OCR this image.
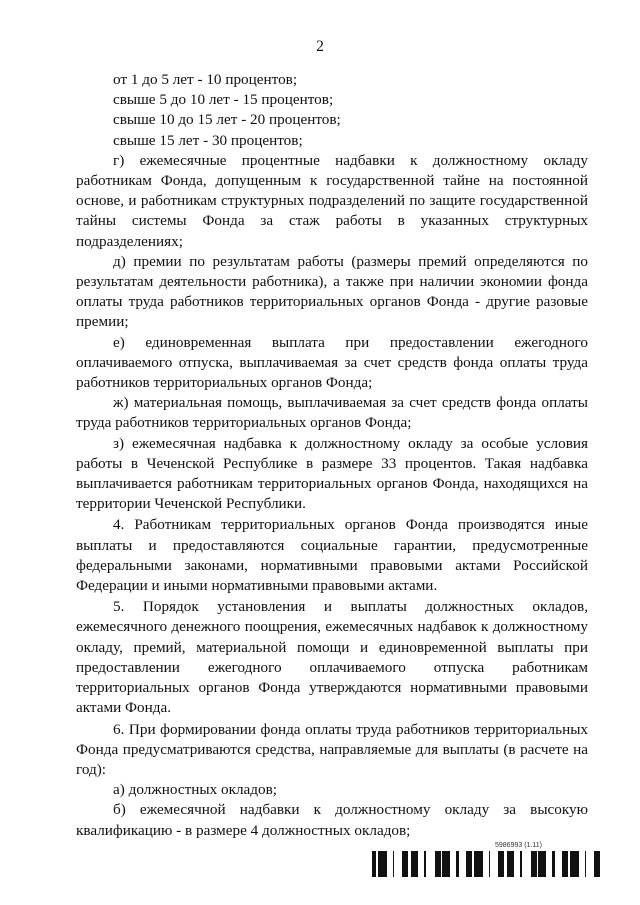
2

от 1 до 5 лет - 10 процентов;

свыше 5 до 10 лет - 15 процентов;

свыше 10 до 15 лет - 20 процентов;

свыше 15 лет - 30 процентов;

г) ежемесячные процентные надбавки к должностному окладу работникам Фонда, допущенным к государственной тайне на постоянной основе, и работникам структурных подразделений по защите государственной тайны системы Фонда за стаж работы в указанных структурных подразделениях;

д) премии по результатам работы (размеры премий определяются по результатам деятельности работника), а также при наличии экономии фонда оплаты труда работников территориальных органов Фонда - другие разовые премии;

е) единовременная выплата при предоставлении ежегодного оплачиваемого отпуска, выплачиваемая за счет средств фонда оплаты труда работников территориальных органов Фонда;

ж) материальная помощь, выплачиваемая за счет средств фонда оплаты труда работников территориальных органов Фонда;

з) ежемесячная надбавка к должностному окладу за особые условия работы в Чеченской Республике в размере 33 процентов. Такая надбавка выплачивается работникам территориальных органов Фонда, находящихся на территории Чеченской Республики.

4. Работникам территориальных органов Фонда производятся иные выплаты и предоставляются социальные гарантии, предусмотренные федеральными законами, нормативными правовыми актами Российской Федерации и иными нормативными правовыми актами.

5. Порядок установления и выплаты должностных окладов, ежемесячного денежного поощрения, ежемесячных надбавок к должностному окладу, премий, материальной помощи и единовременной выплаты при предоставлении ежегодного оплачиваемого отпуска работникам территориальных органов Фонда утверждаются нормативными правовыми актами Фонда.

6. При формировании фонда оплаты труда работников территориальных Фонда предусматриваются средства, направляемые для выплаты (в расчете на год):

а) должностных окладов;

б) ежемесячной надбавки к должностному окладу за высокую квалификацию - в размере 4 должностных окладов;

5986993 (1.11)
